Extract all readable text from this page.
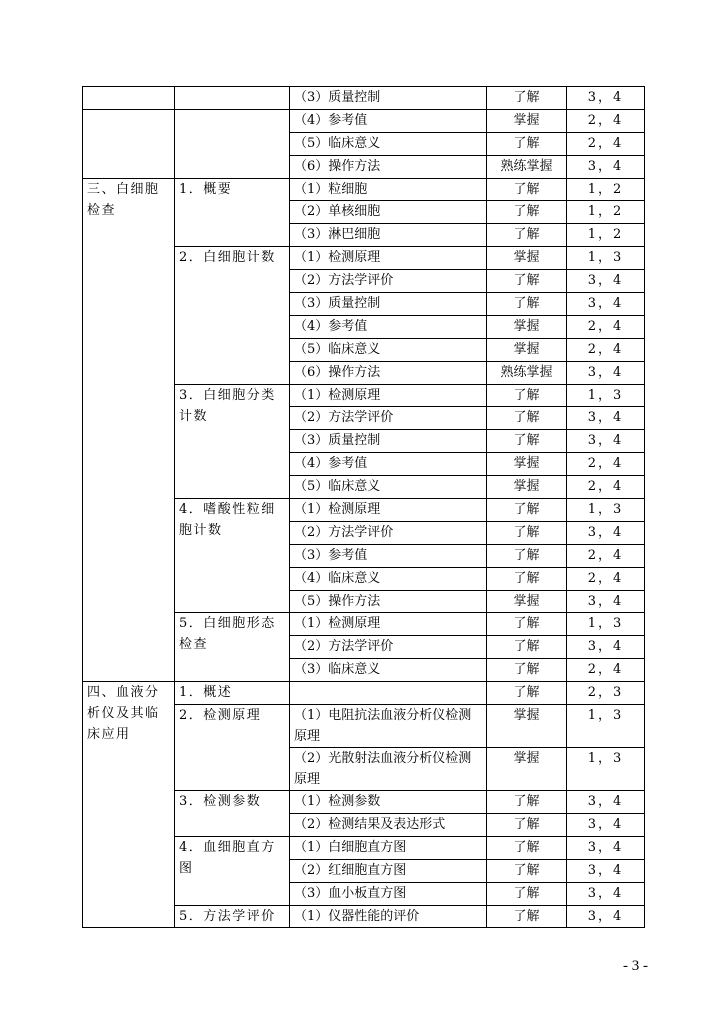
		（3）质量控制	了解	3，4
		（4）参考值	掌握	2，4
		（5）临床意义	了解	2，4
		（6）操作方法	熟练掌握	3，4
三、白细胞检查	1．概要	（1）粒细胞	了解	1，2
		（2）单核细胞	了解	1，2
		（3）淋巴细胞	了解	1，2
	2．白细胞计数	（1）检测原理	掌握	1，3
		（2）方法学评价	了解	3，4
		（3）质量控制	了解	3，4
		（4）参考值	掌握	2，4
		（5）临床意义	掌握	2，4
		（6）操作方法	熟练掌握	3，4
	3．白细胞分类计数	（1）检测原理	了解	1，3
		（2）方法学评价	了解	3，4
		（3）质量控制	了解	3，4
		（4）参考值	掌握	2，4
		（5）临床意义	掌握	2，4
	4．嗜酸性粒细胞计数	（1）检测原理	了解	1，3
		（2）方法学评价	了解	3，4
		（3）参考值	了解	2，4
		（4）临床意义	了解	2，4
		（5）操作方法	掌握	3，4
	5．白细胞形态检查	（1）检测原理	了解	1，3
		（2）方法学评价	了解	3，4
		（3）临床意义	了解	2，4
四、血液分析仪及其临床应用	1．概述		了解	2，3
	2．检测原理	（1）电阻抗法血液分析仪检测原理	掌握	1，3
		（2）光散射法血液分析仪检测原理	掌握	1，3
	3．检测参数	（1）检测参数	了解	3，4
		（2）检测结果及表达形式	了解	3，4
	4．血细胞直方图	（1）白细胞直方图	了解	3，4
		（2）红细胞直方图	了解	3，4
		（3）血小板直方图	了解	3，4
	5．方法学评价	（1）仪器性能的评价	了解	3，4
- 3 -
